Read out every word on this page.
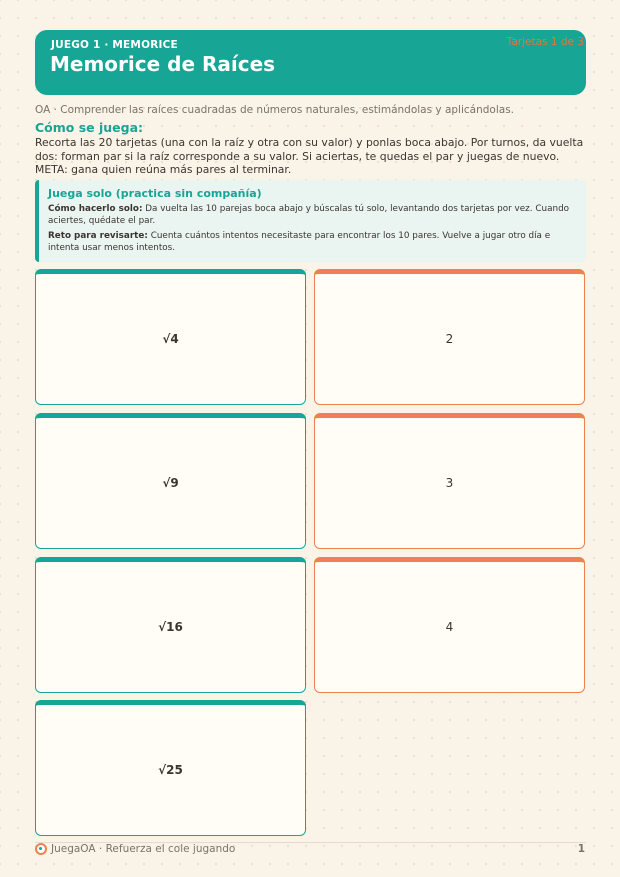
JUEGO 1 · MEMORICE
Memorice de Raíces
Tarjetas 1 de 3
OA · Comprender las raíces cuadradas de números naturales, estimándolas y aplicándolas.
Cómo se juega:
Recorta las 20 tarjetas (una con la raíz y otra con su valor) y ponlas boca abajo. Por turnos, da vuelta dos: forman par si la raíz corresponde a su valor. Si aciertas, te quedas el par y juegas de nuevo. META: gana quien reúna más pares al terminar.
Juega solo (practica sin compañía)
Cómo hacerlo solo: Da vuelta las 10 parejas boca abajo y búscalas tú solo, levantando dos tarjetas por vez. Cuando aciertes, quédate el par.
Reto para revisarte: Cuenta cuántos intentos necesitaste para encontrar los 10 pares. Vuelve a jugar otro día e intenta usar menos intentos.
√4	2
√9	3
√16	4
√25
JuegaOA · Refuerza el cole jugando	1
